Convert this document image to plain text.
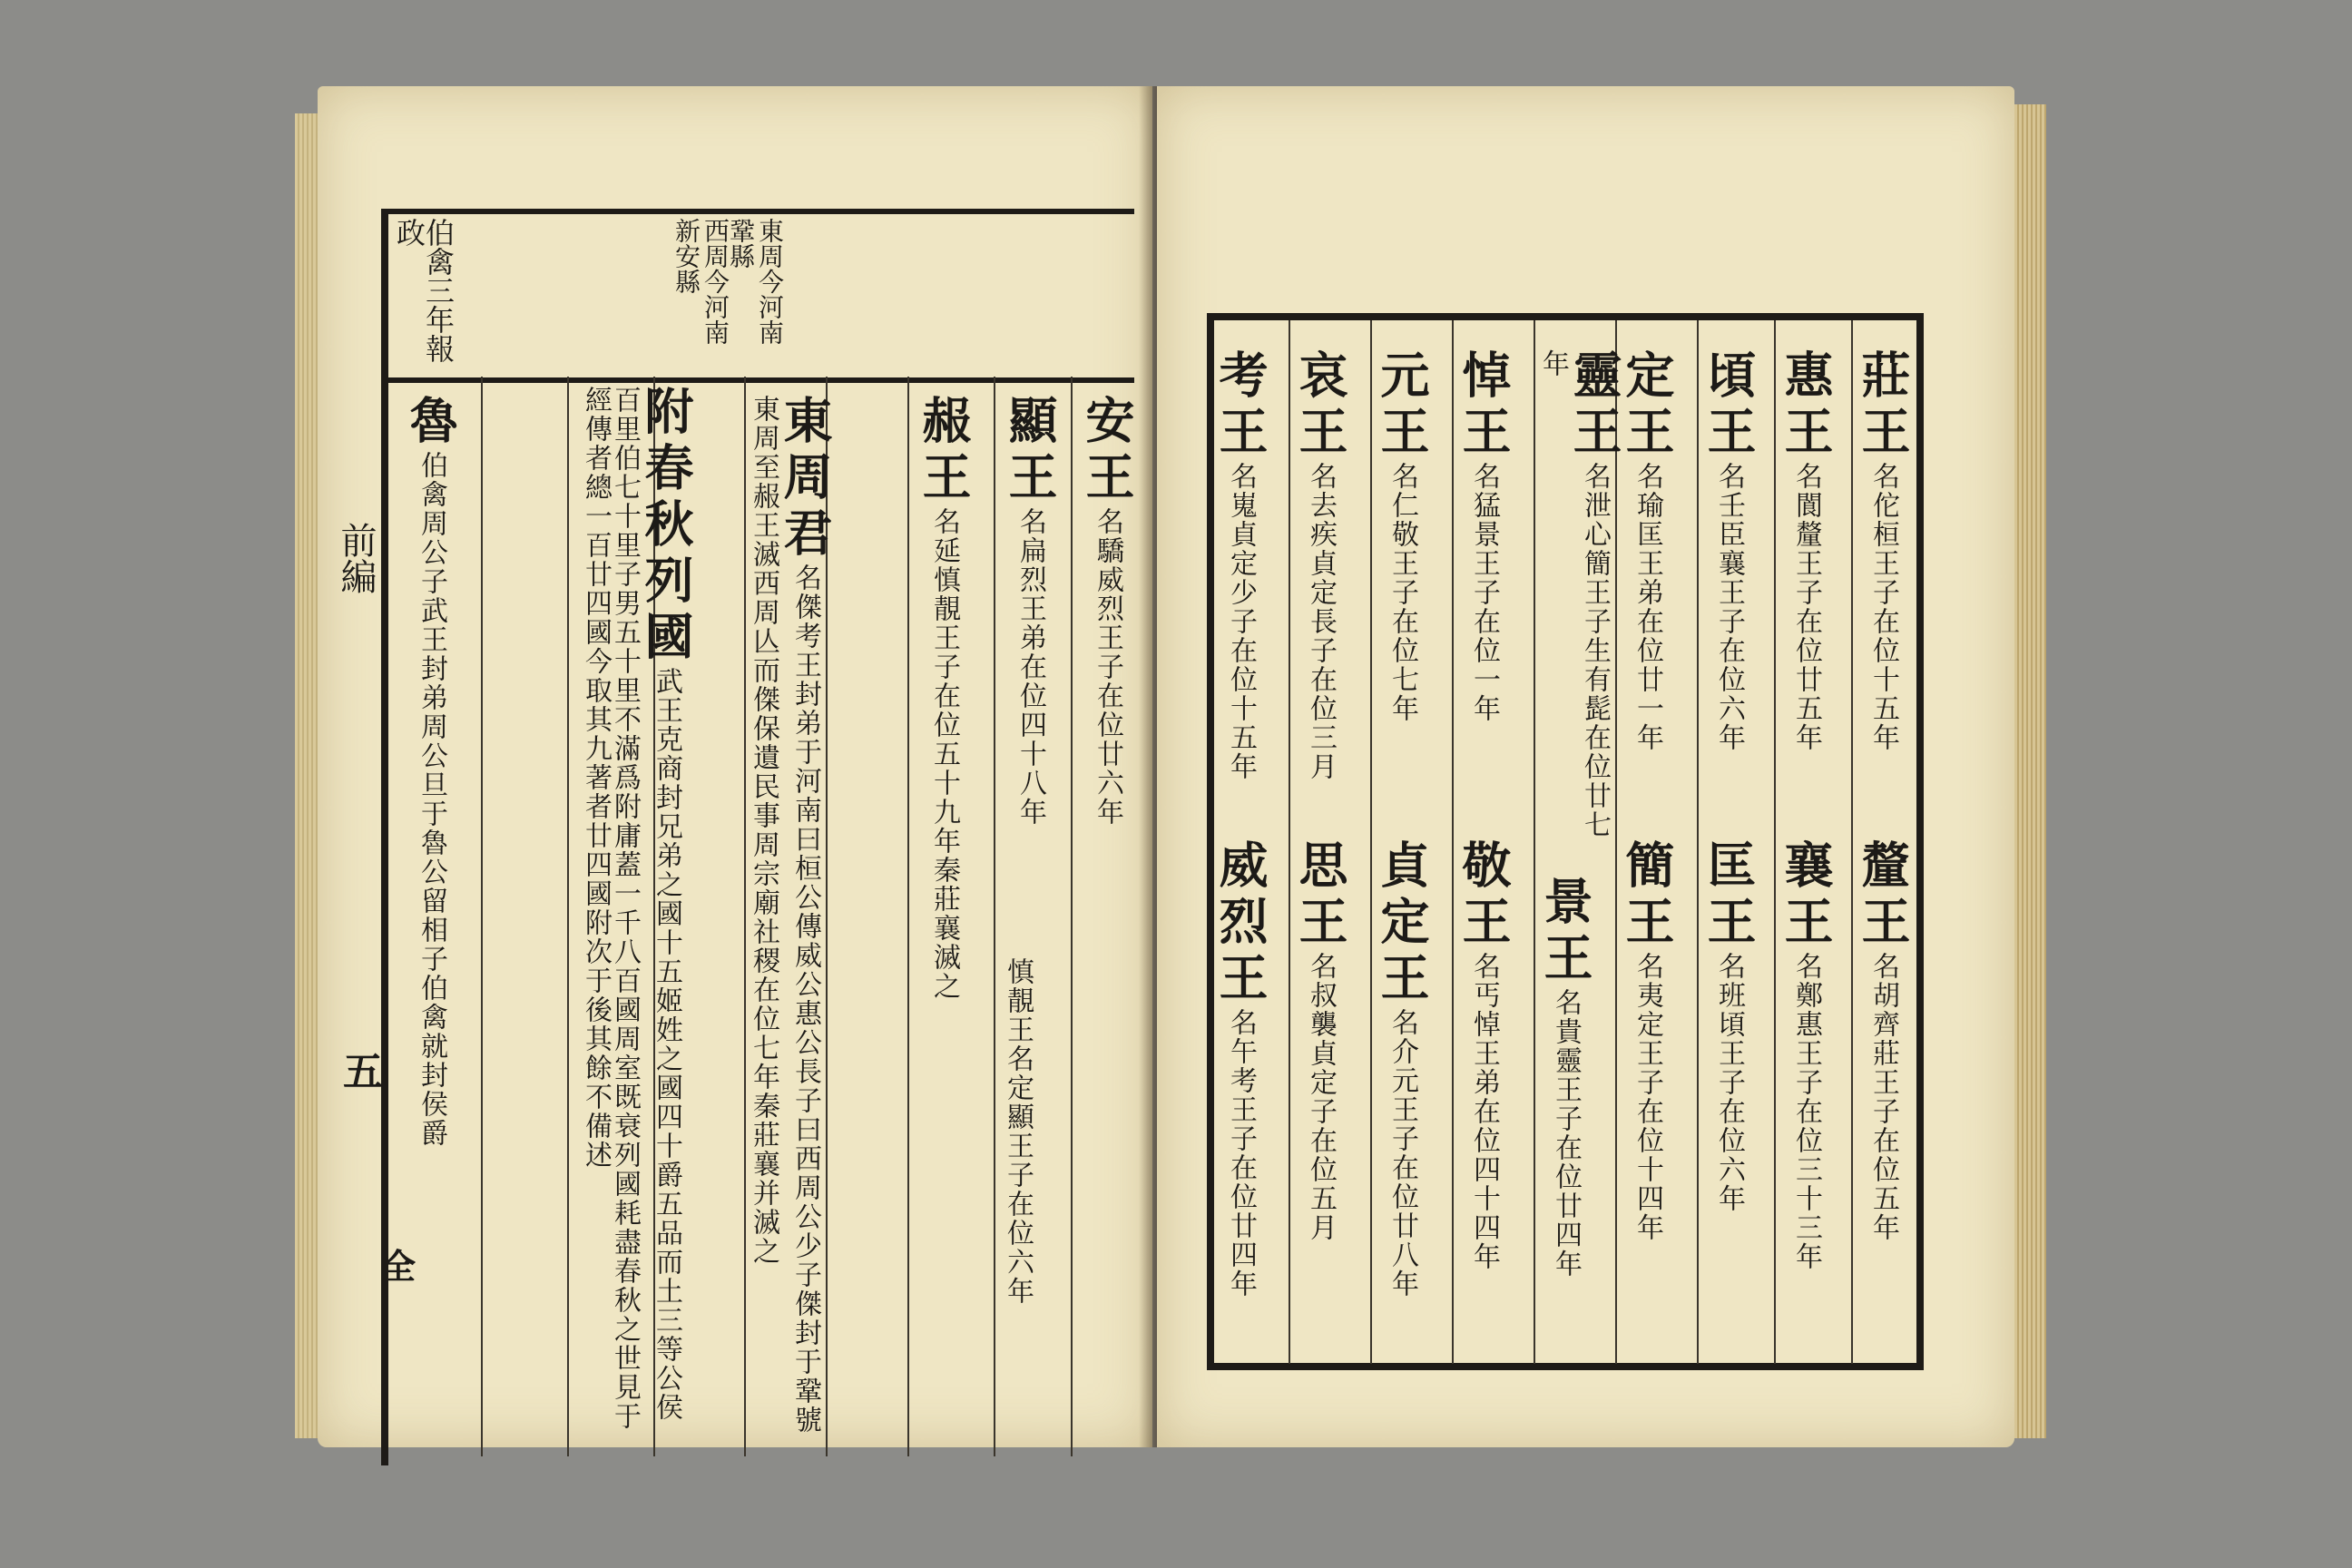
前編
五
全
伯禽三年報政	東周今河南鞏縣
西周今河南新安縣
安王名驕威烈王子在位廿六年
顯王名扁烈王弟在位四十八年
赧王名延慎靚王子在位五十九年秦莊襄滅之
慎靚王名定顯王子在位六年
東周君名傑考王封弟于河南曰桓公傳威公惠公長子曰西周公少子傑封于鞏號東周至赧王滅西周亾而傑保遺民事周宗廟社稷在位七年秦莊襄并滅之
附春秋列國武王克商封兄弟之國十五姬姓之國四十爵五品而土三等公侯百里伯七十里子男五十里不滿爲附庸蓋一千八百國周室既衰列國耗盡春秋之世見于經傳者總一百廿四國今取其九著者廿四國附次于後其餘不備述
魯伯禽周公子武王封弟周公旦于魯公留相子伯禽就封侯爵
莊王名佗桓王子在位十五年
釐王名胡齊莊王子在位五年
惠王名閬釐王子在位廿五年
襄王名鄭惠王子在位三十三年
頃王名壬臣襄王子在位六年
匡王名班頃王子在位六年
定王名瑜匡王弟在位廿一年
簡王名夷定王子在位十四年
靈王名泄心簡王子生有髭在位廿七年
景王名貴靈王子在位廿四年
悼王名猛景王子在位一年
敬王名丐悼王弟在位四十四年
元王名仁敬王子在位七年
貞定王名介元王子在位廿八年
哀王名去疾貞定長子在位三月
思王名叔襲貞定子在位五月
考王名嵬貞定少子在位十五年
威烈王名午考王子在位廿四年
